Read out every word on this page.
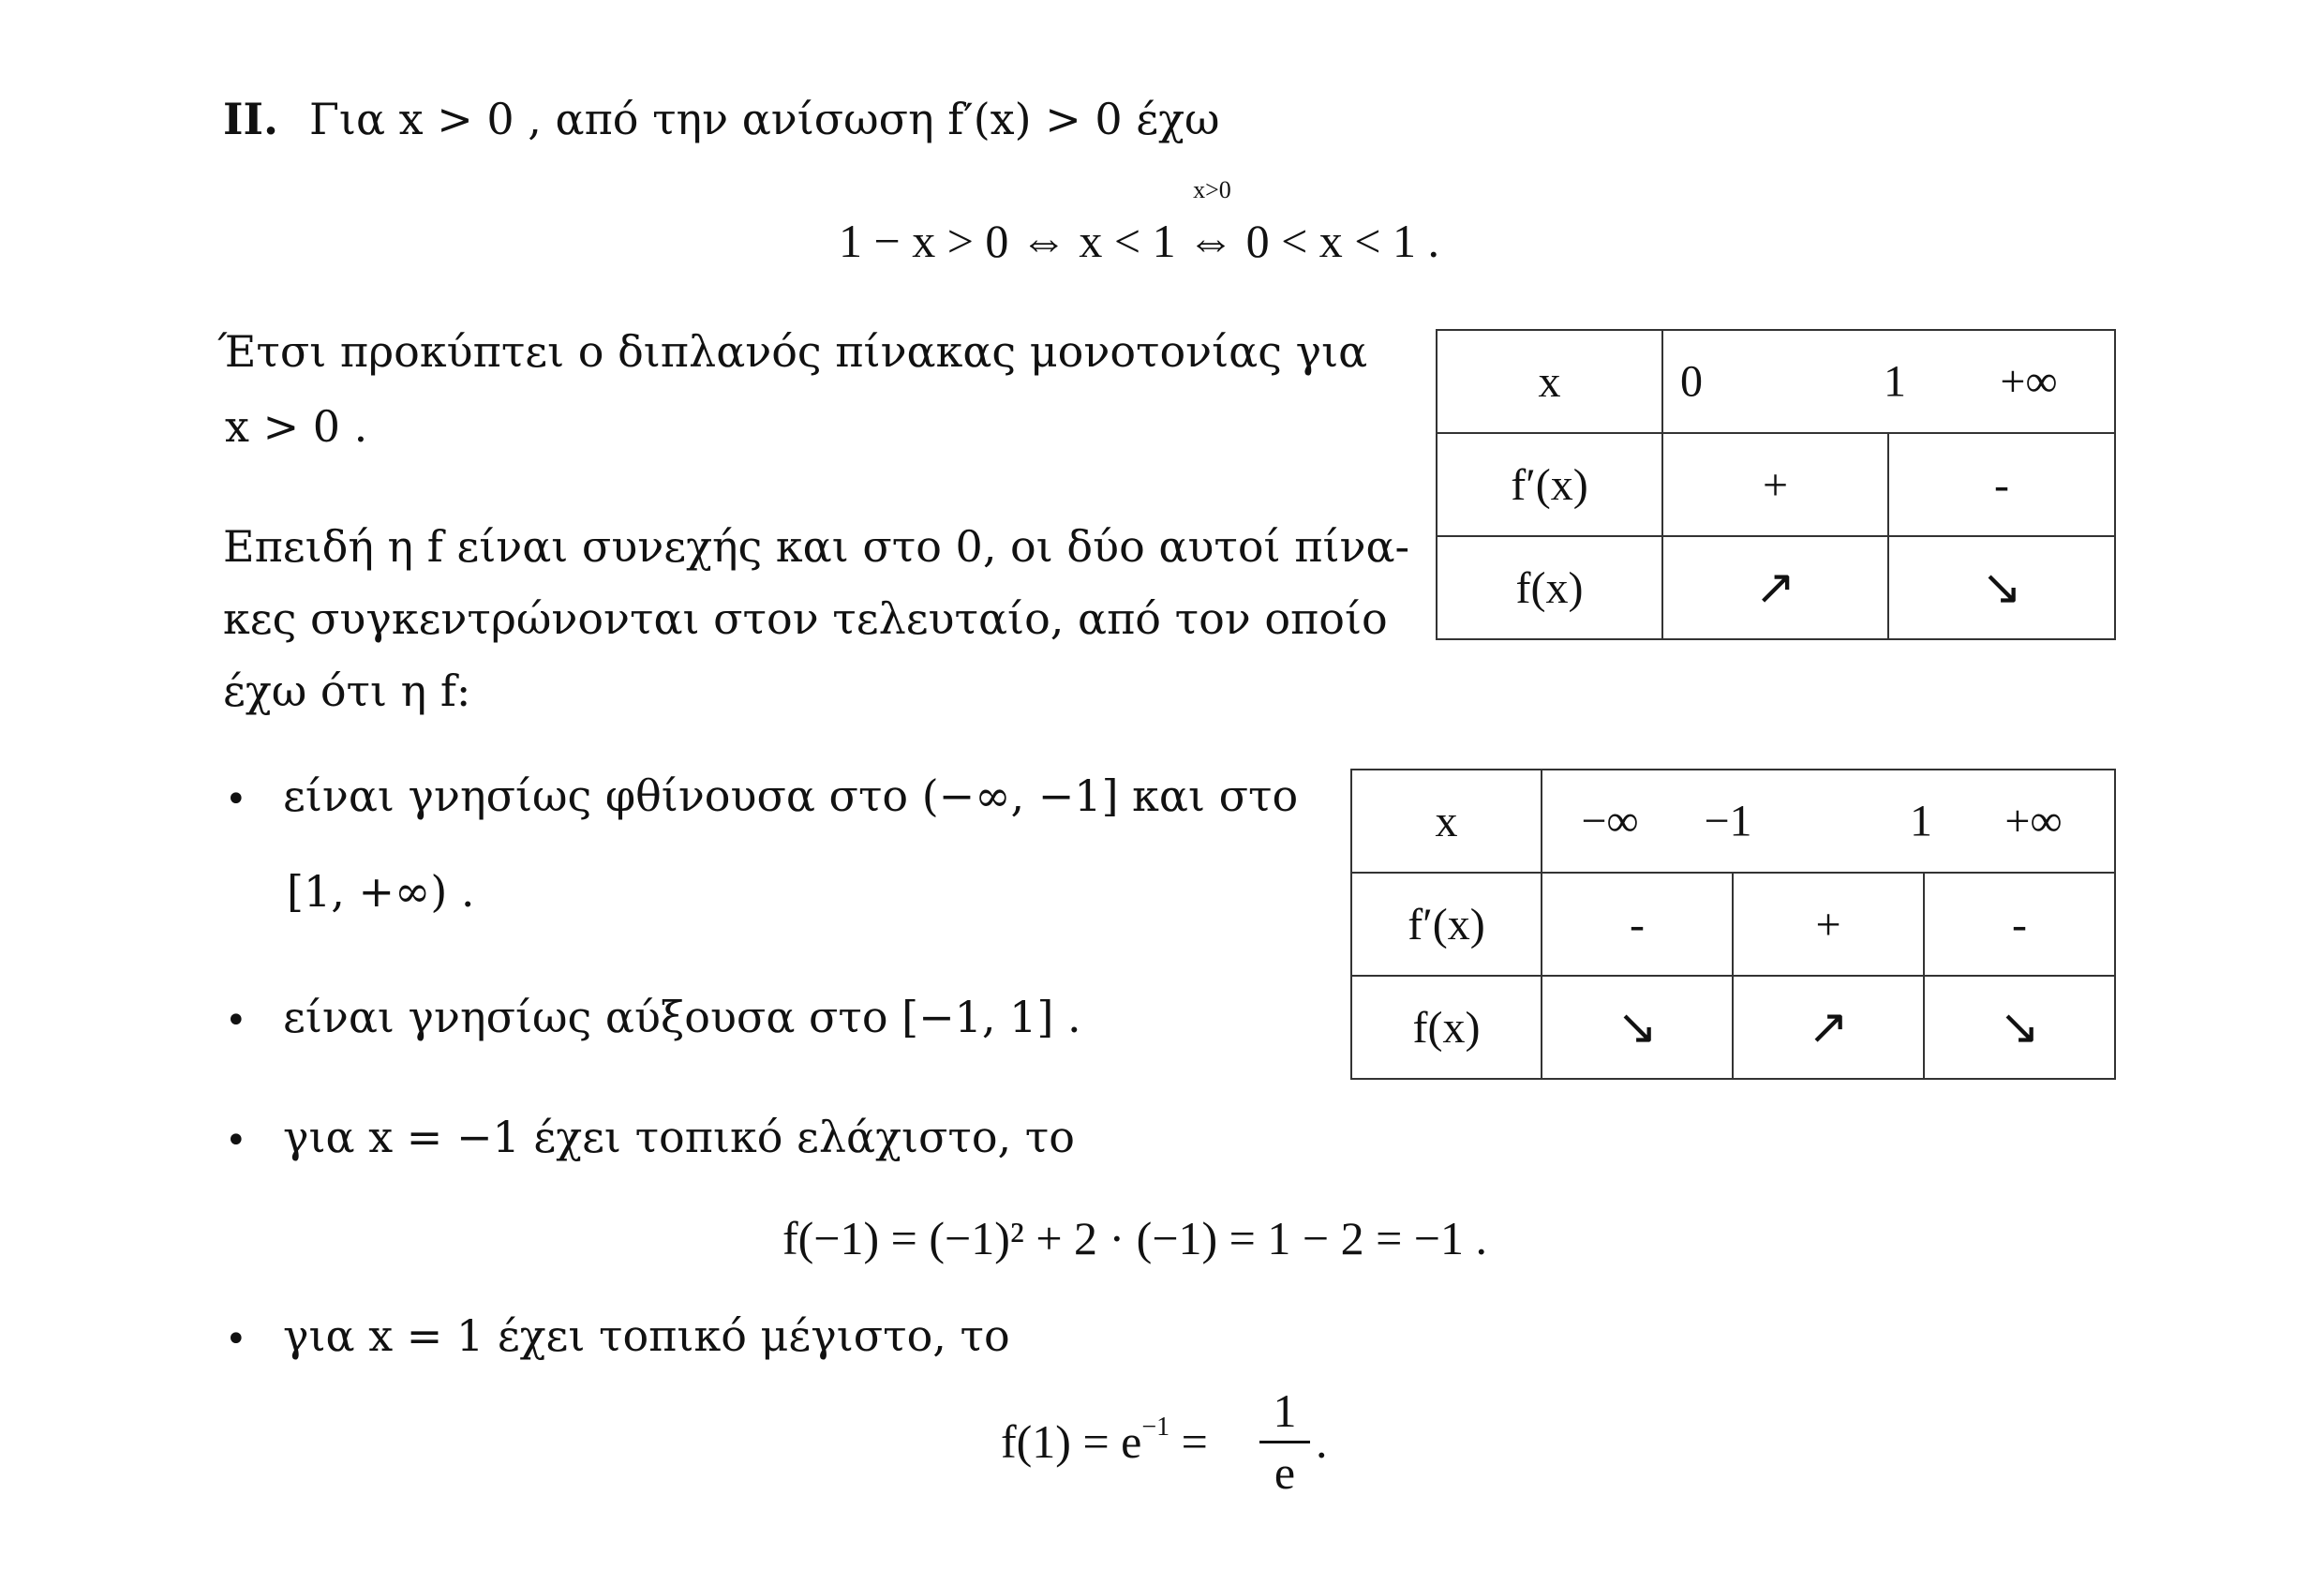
II. Για x > 0 , από την ανίσωση f′(x) > 0 έχω
1 − x > 0 ⇔ x < 1
x>0
⇔ 0 < x < 1 .
Έτσι προκύπτει ο διπλανός πίνακας μονοτονίας για
x > 0 .
Επειδή η f είναι συνεχής και στο 0, οι δύο αυτοί πίνα-
κες συγκεντρώνονται στον τελευταίο, από τον οποίο
έχω ότι η f:
x	0 1 +∞	

f′(x)	+	-
f(x)	↗	↘
• είναι γνησίως φθίνουσα στο (−∞, −1] και στο
[1, +∞) .
• είναι γνησίως αύξουσα στο [−1, 1] .
• για x = −1 έχει τοπικό ελάχιστο, το
f(−1) = (−1)² + 2 · (−1) = 1 − 2 = −1 .
• για x = 1 έχει τοπικό μέγιστο, το
$f(1) = e^{-1}$ =
1
e
.
x	−∞ −1 1 +∞		

f′(x)	-	+	-
f(x)	↘	↗	↘
